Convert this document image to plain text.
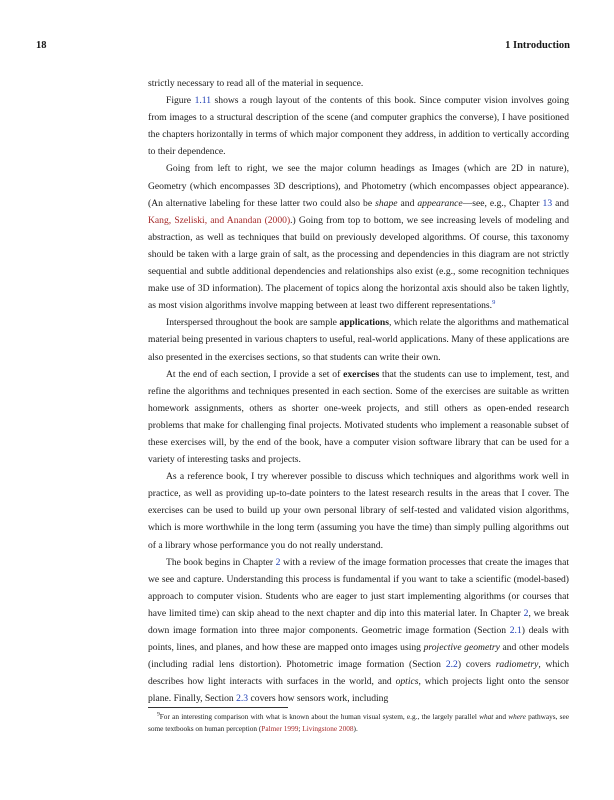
18	1 Introduction

strictly necessary to read all of the material in sequence.

Figure 1.11 shows a rough layout of the contents of this book. Since computer vision involves going from images to a structural description of the scene (and computer graphics the converse), I have positioned the chapters horizontally in terms of which major component they address, in addition to vertically according to their dependence.

Going from left to right, we see the major column headings as Images (which are 2D in nature), Geometry (which encompasses 3D descriptions), and Photometry (which encompasses object appearance). (An alternative labeling for these latter two could also be shape and appearance—see, e.g., Chapter 13 and Kang, Szeliski, and Anandan (2000).) Going from top to bottom, we see increasing levels of modeling and abstraction, as well as techniques that build on previously developed algorithms. Of course, this taxonomy should be taken with a large grain of salt, as the processing and dependencies in this diagram are not strictly sequential and subtle additional dependencies and relationships also exist (e.g., some recognition techniques make use of 3D information). The placement of topics along the horizontal axis should also be taken lightly, as most vision algorithms involve mapping between at least two different representations.$^9$

Interspersed throughout the book are sample applications, which relate the algorithms and mathematical material being presented in various chapters to useful, real-world applications. Many of these applications are also presented in the exercises sections, so that students can write their own.

At the end of each section, I provide a set of exercises that the students can use to implement, test, and refine the algorithms and techniques presented in each section. Some of the exercises are suitable as written homework assignments, others as shorter one-week projects, and still others as open-ended research problems that make for challenging final projects. Motivated students who implement a reasonable subset of these exercises will, by the end of the book, have a computer vision software library that can be used for a variety of interesting tasks and projects.

As a reference book, I try wherever possible to discuss which techniques and algorithms work well in practice, as well as providing up-to-date pointers to the latest research results in the areas that I cover. The exercises can be used to build up your own personal library of self-tested and validated vision algorithms, which is more worthwhile in the long term (assuming you have the time) than simply pulling algorithms out of a library whose performance you do not really understand.

The book begins in Chapter 2 with a review of the image formation processes that create the images that we see and capture. Understanding this process is fundamental if you want to take a scientific (model-based) approach to computer vision. Students who are eager to just start implementing algorithms (or courses that have limited time) can skip ahead to the next chapter and dip into this material later. In Chapter 2, we break down image formation into three major components. Geometric image formation (Section 2.1) deals with points, lines, and planes, and how these are mapped onto images using projective geometry and other models (including radial lens distortion). Photometric image formation (Section 2.2) covers radiometry, which describes how light interacts with surfaces in the world, and optics, which projects light onto the sensor plane. Finally, Section 2.3 covers how sensors work, including

$^9$For an interesting comparison with what is known about the human visual system, e.g., the largely parallel what and where pathways, see some textbooks on human perception (Palmer 1999; Livingstone 2008).
